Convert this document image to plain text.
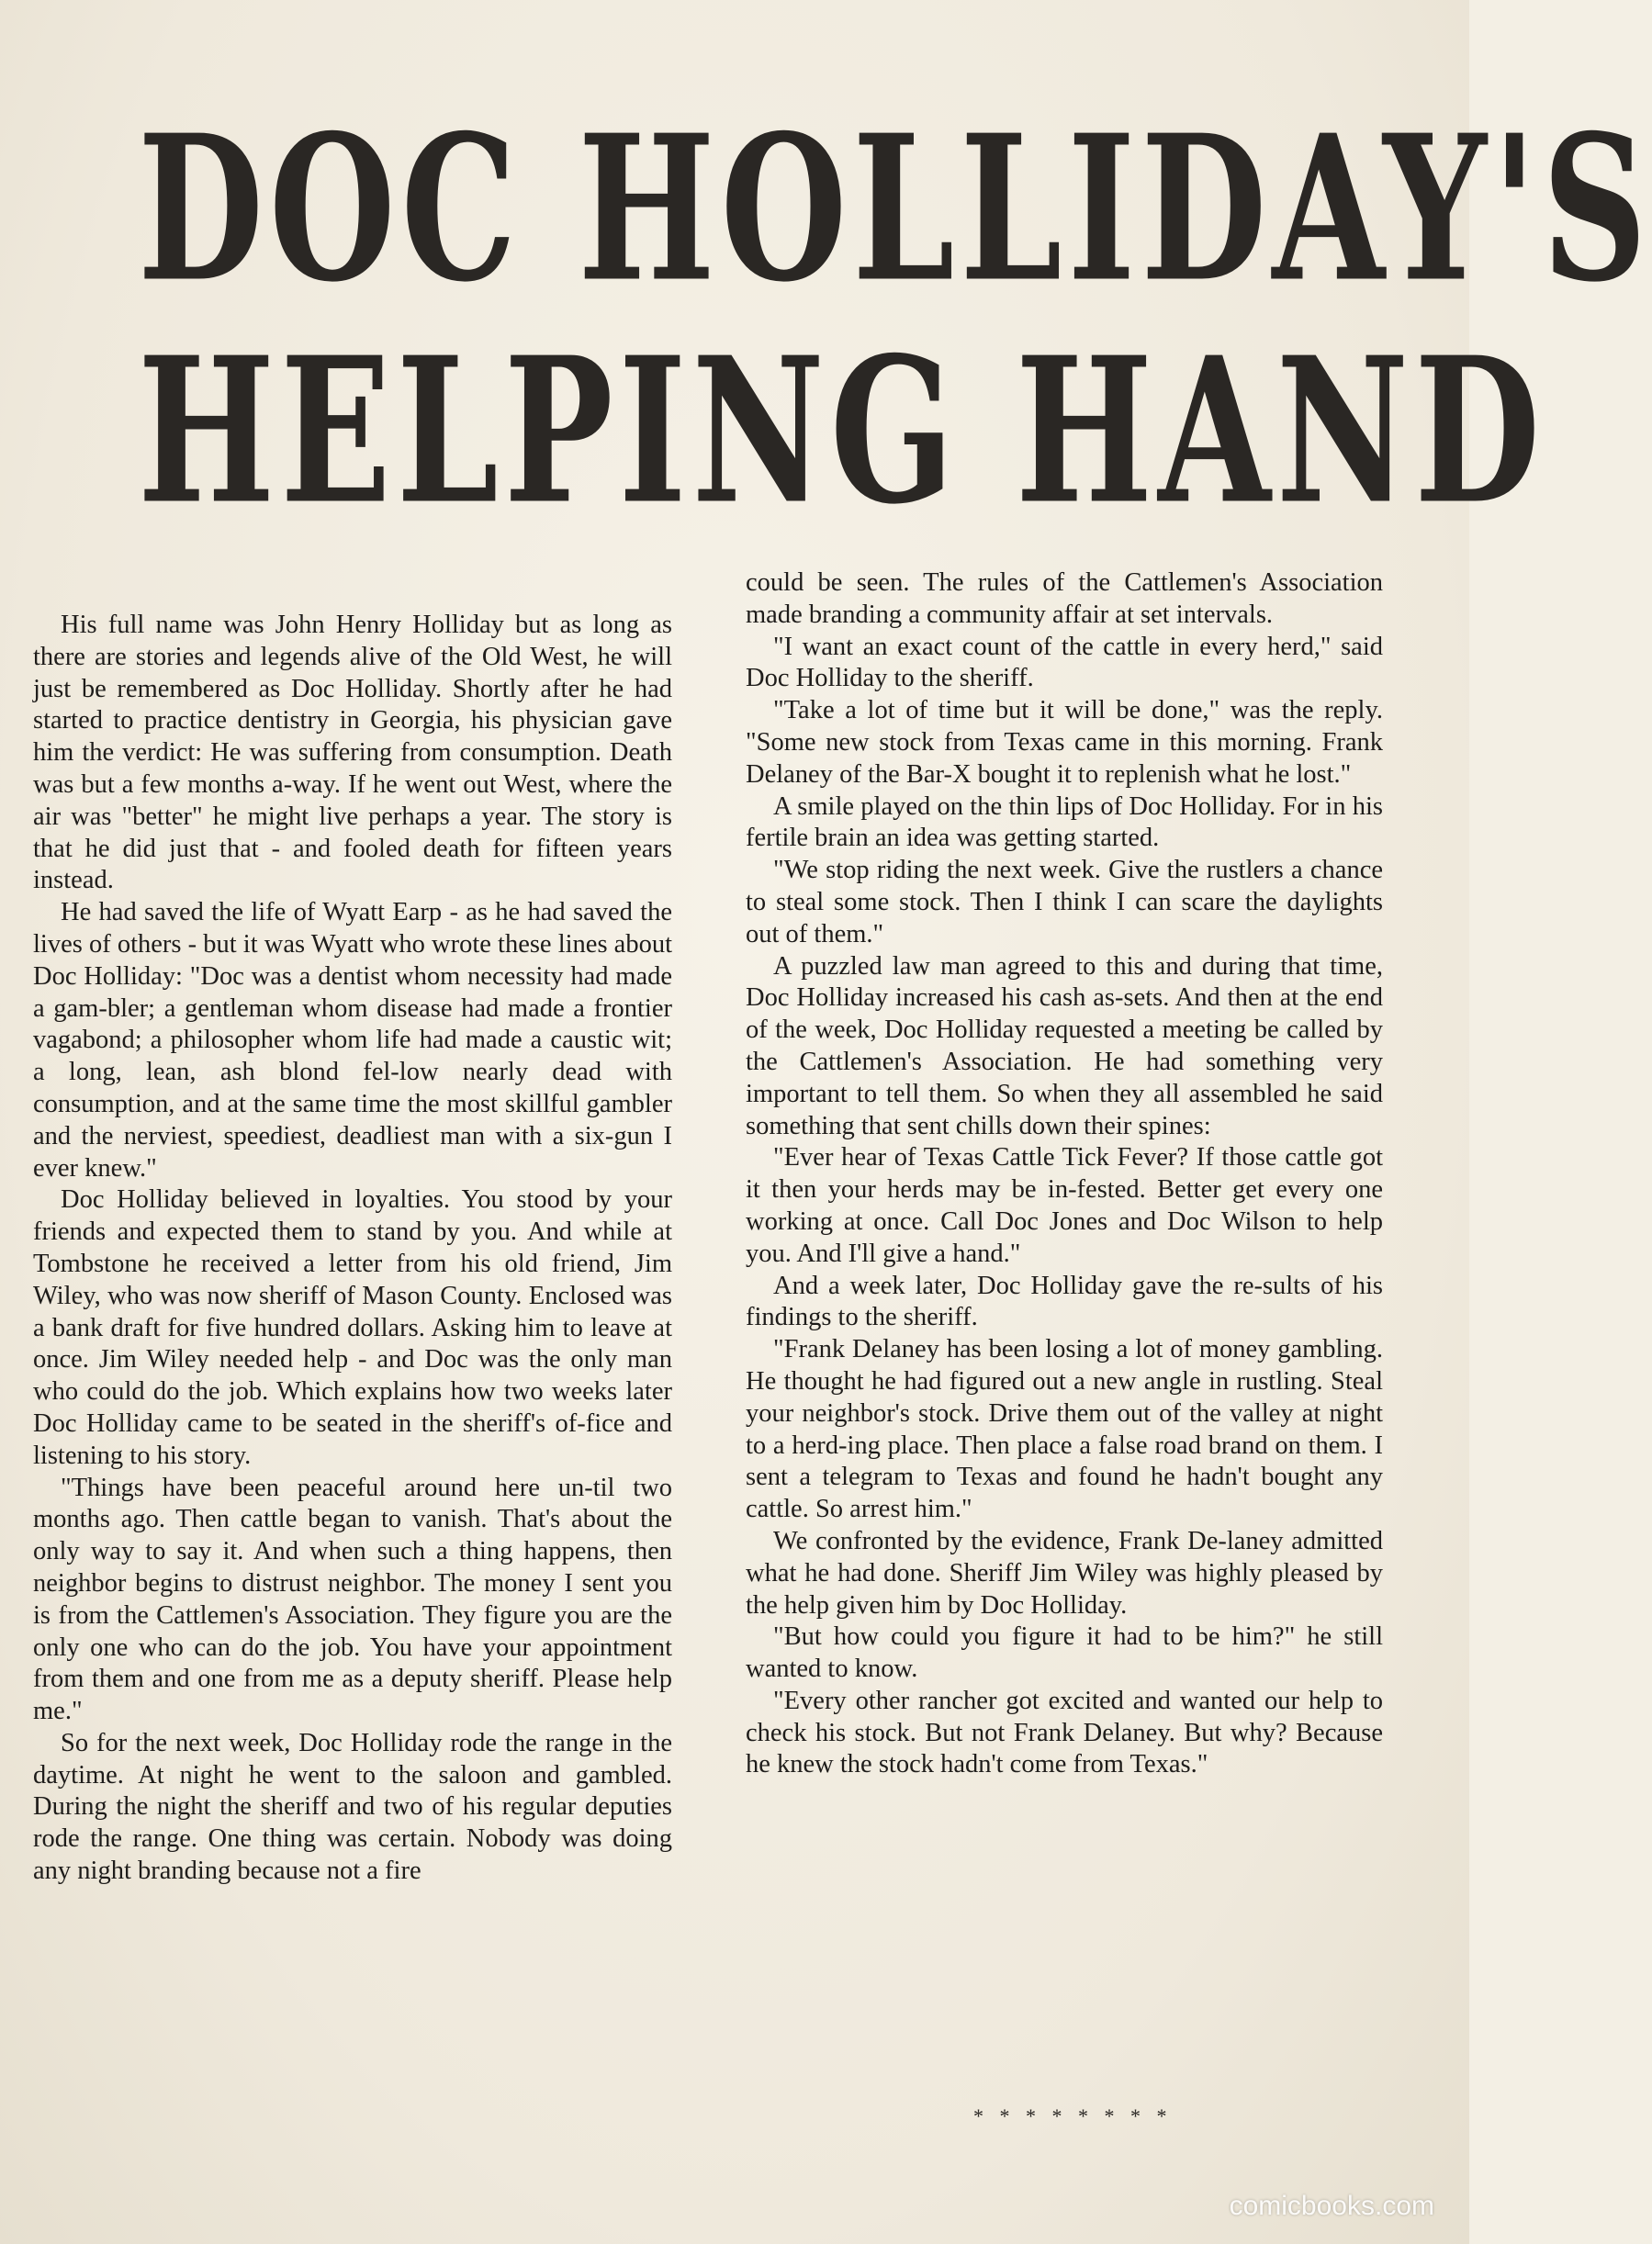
DOC HOLLIDAY'S
HELPING HAND

His full name was John Henry Holliday but as long as there are stories and legends alive of the Old West, he will just be remembered as Doc Holliday. Shortly after he had started to practice dentistry in Georgia, his physician gave him the verdict: He was suffering from consumption. Death was but a few months a-way. If he went out West, where the air was "better" he might live perhaps a year. The story is that he did just that - and fooled death for fifteen years instead.

He had saved the life of Wyatt Earp - as he had saved the lives of others - but it was Wyatt who wrote these lines about Doc Holliday: "Doc was a dentist whom necessity had made a gam-bler; a gentleman whom disease had made a frontier vagabond; a philosopher whom life had made a caustic wit; a long, lean, ash blond fel-low nearly dead with consumption, and at the same time the most skillful gambler and the nerviest, speediest, deadliest man with a six-gun I ever knew."

Doc Holliday believed in loyalties. You stood by your friends and expected them to stand by you. And while at Tombstone he received a letter from his old friend, Jim Wiley, who was now sheriff of Mason County. Enclosed was a bank draft for five hundred dollars. Asking him to leave at once. Jim Wiley needed help - and Doc was the only man who could do the job. Which explains how two weeks later Doc Holliday came to be seated in the sheriff's of-fice and listening to his story.

"Things have been peaceful around here un-til two months ago. Then cattle began to vanish. That's about the only way to say it. And when such a thing happens, then neighbor begins to distrust neighbor. The money I sent you is from the Cattlemen's Association. They figure you are the only one who can do the job. You have your appointment from them and one from me as a deputy sheriff. Please help me."

So for the next week, Doc Holliday rode the range in the daytime. At night he went to the saloon and gambled. During the night the sheriff and two of his regular deputies rode the range. One thing was certain. Nobody was doing any night branding because not a fire

could be seen. The rules of the Cattlemen's Association made branding a community affair at set intervals.

"I want an exact count of the cattle in every herd," said Doc Holliday to the sheriff.

"Take a lot of time but it will be done," was the reply. "Some new stock from Texas came in this morning. Frank Delaney of the Bar-X bought it to replenish what he lost."

A smile played on the thin lips of Doc Holliday. For in his fertile brain an idea was getting started.

"We stop riding the next week. Give the rustlers a chance to steal some stock. Then I think I can scare the daylights out of them."

A puzzled law man agreed to this and during that time, Doc Holliday increased his cash as-sets. And then at the end of the week, Doc Holliday requested a meeting be called by the Cattlemen's Association. He had something very important to tell them. So when they all assembled he said something that sent chills down their spines:

"Ever hear of Texas Cattle Tick Fever? If those cattle got it then your herds may be in-fested. Better get every one working at once. Call Doc Jones and Doc Wilson to help you. And I'll give a hand."

And a week later, Doc Holliday gave the re-sults of his findings to the sheriff.

"Frank Delaney has been losing a lot of money gambling. He thought he had figured out a new angle in rustling. Steal your neighbor's stock. Drive them out of the valley at night to a herd-ing place. Then place a false road brand on them. I sent a telegram to Texas and found he hadn't bought any cattle. So arrest him."

We confronted by the evidence, Frank De-laney admitted what he had done. Sheriff Jim Wiley was highly pleased by the help given him by Doc Holliday.

"But how could you figure it had to be him?" he still wanted to know.

"Every other rancher got excited and wanted our help to check his stock. But not Frank Delaney. But why? Because he knew the stock hadn't come from Texas."

* * * * * * * *
comicbooks.com
